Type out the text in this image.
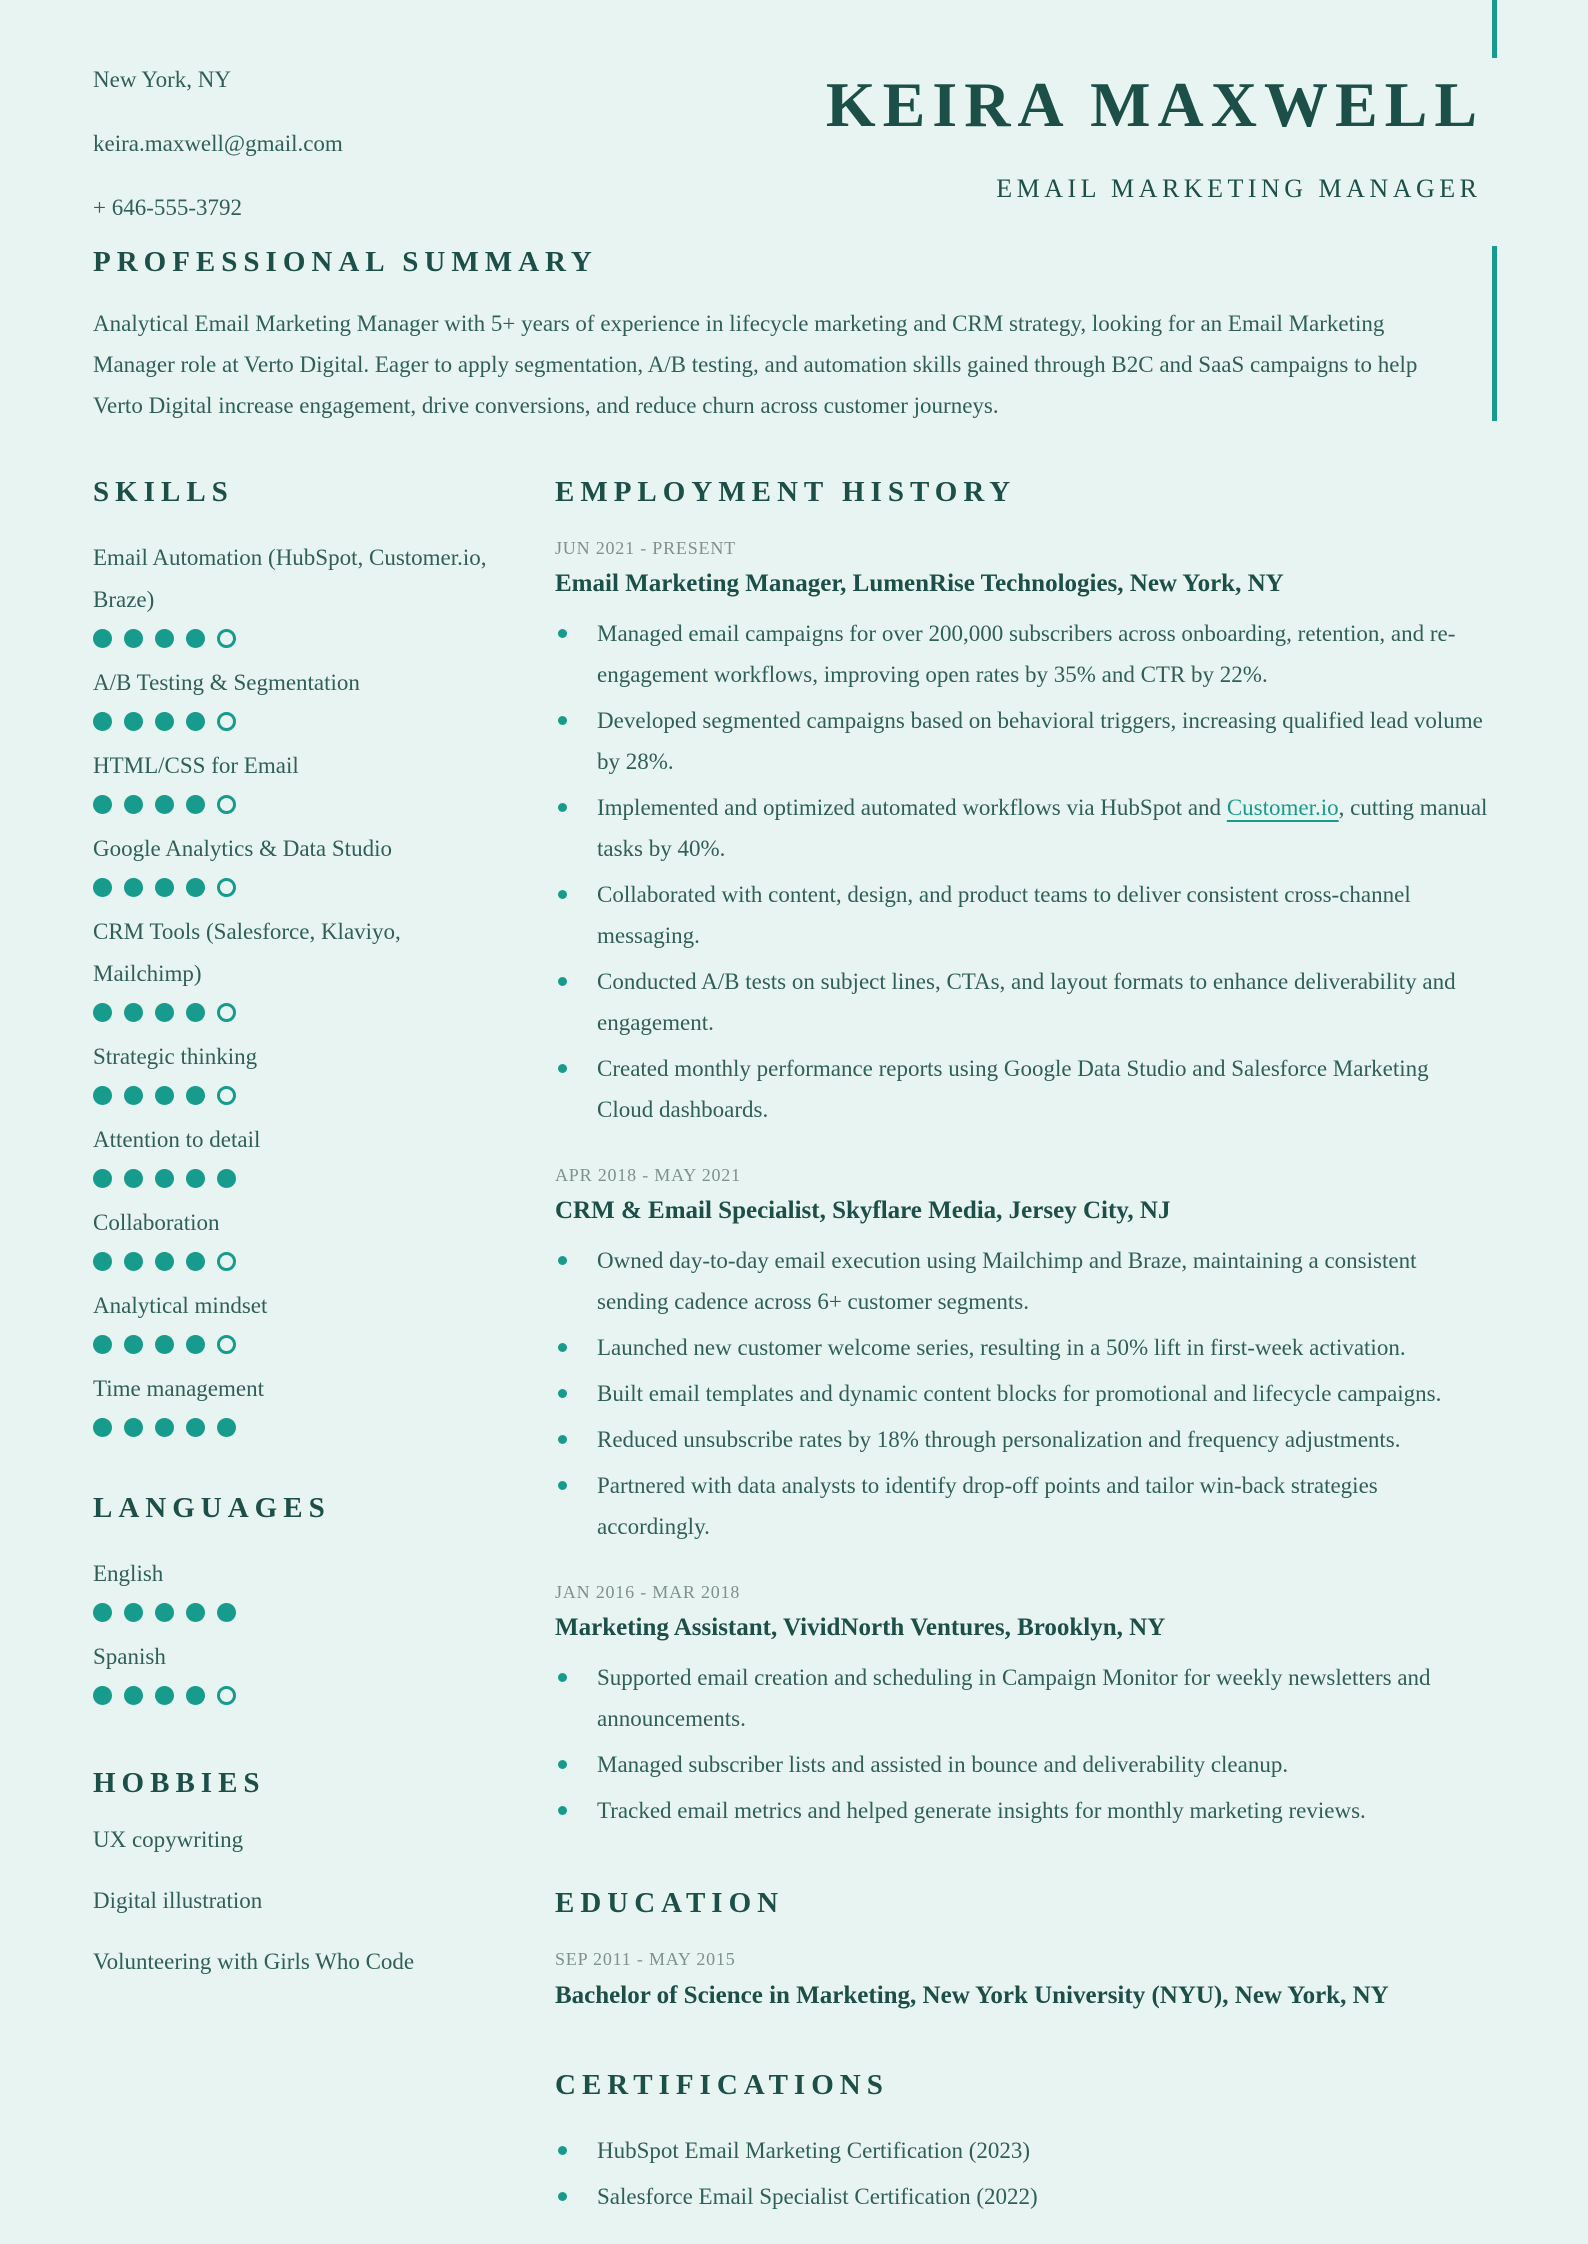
New York, NY
keira.maxwell@gmail.com
+ 646-555-3792
KEIRA MAXWELL
EMAIL MARKETING MANAGER
PROFESSIONAL SUMMARY

Analytical Email Marketing Manager with 5+ years of experience in lifecycle marketing and CRM strategy, looking for an Email Marketing Manager role at Verto Digital. Eager to apply segmentation, A/B testing, and automation skills gained through B2C and SaaS campaigns to help Verto Digital increase engagement, drive conversions, and reduce churn across customer journeys.

SKILLS
Email Automation (HubSpot, Customer.io, Braze)
A/B Testing & Segmentation
HTML/CSS for Email
Google Analytics & Data Studio
CRM Tools (Salesforce, Klaviyo, Mailchimp)
Strategic thinking
Attention to detail
Collaboration
Analytical mindset
Time management
LANGUAGES
English
Spanish
HOBBIES
UX copywriting
Digital illustration
Volunteering with Girls Who Code
EMPLOYMENT HISTORY
JUN 2021 - PRESENT
Email Marketing Manager, LumenRise Technologies, New York, NY
Managed email campaigns for over 200,000 subscribers across onboarding, retention, and re-engagement workflows, improving open rates by 35% and CTR by 22%.
Developed segmented campaigns based on behavioral triggers, increasing qualified lead volume by 28%.
Implemented and optimized automated workflows via HubSpot and Customer.io, cutting manual tasks by 40%.
Collaborated with content, design, and product teams to deliver consistent cross-channel messaging.
Conducted A/B tests on subject lines, CTAs, and layout formats to enhance deliverability and engagement.
Created monthly performance reports using Google Data Studio and Salesforce Marketing Cloud dashboards.
APR 2018 - MAY 2021
CRM & Email Specialist, Skyflare Media, Jersey City, NJ
Owned day-to-day email execution using Mailchimp and Braze, maintaining a consistent sending cadence across 6+ customer segments.
Launched new customer welcome series, resulting in a 50% lift in first-week activation.
Built email templates and dynamic content blocks for promotional and lifecycle campaigns.
Reduced unsubscribe rates by 18% through personalization and frequency adjustments.
Partnered with data analysts to identify drop-off points and tailor win-back strategies accordingly.
JAN 2016 - MAR 2018
Marketing Assistant, VividNorth Ventures, Brooklyn, NY
Supported email creation and scheduling in Campaign Monitor for weekly newsletters and announcements.
Managed subscriber lists and assisted in bounce and deliverability cleanup.
Tracked email metrics and helped generate insights for monthly marketing reviews.
EDUCATION
SEP 2011 - MAY 2015
Bachelor of Science in Marketing, New York University (NYU), New York, NY
CERTIFICATIONS
HubSpot Email Marketing Certification (2023)
Salesforce Email Specialist Certification (2022)
